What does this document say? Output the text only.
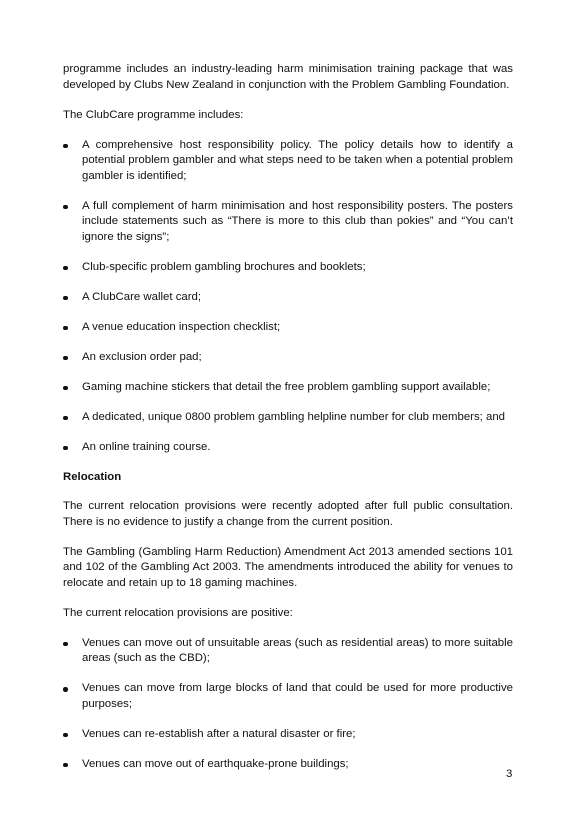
programme includes an industry-leading harm minimisation training package that was developed by Clubs New Zealand in conjunction with the Problem Gambling Foundation.

The ClubCare programme includes:

A comprehensive host responsibility policy. The policy details how to identify a potential problem gambler and what steps need to be taken when a potential problem gambler is identified;
A full complement of harm minimisation and host responsibility posters. The posters include statements such as “There is more to this club than pokies” and “You can’t ignore the signs”;
Club-specific problem gambling brochures and booklets;
A ClubCare wallet card;
A venue education inspection checklist;
An exclusion order pad;
Gaming machine stickers that detail the free problem gambling support available;
A dedicated, unique 0800 problem gambling helpline number for club members; and
An online training course.

Relocation

The current relocation provisions were recently adopted after full public consultation. There is no evidence to justify a change from the current position.

The Gambling (Gambling Harm Reduction) Amendment Act 2013 amended sections 101 and 102 of the Gambling Act 2003. The amendments introduced the ability for venues to relocate and retain up to 18 gaming machines.

The current relocation provisions are positive:

Venues can move out of unsuitable areas (such as residential areas) to more suitable areas (such as the CBD);
Venues can move from large blocks of land that could be used for more productive purposes;
Venues can re-establish after a natural disaster or fire;
Venues can move out of earthquake-prone buildings;
3
